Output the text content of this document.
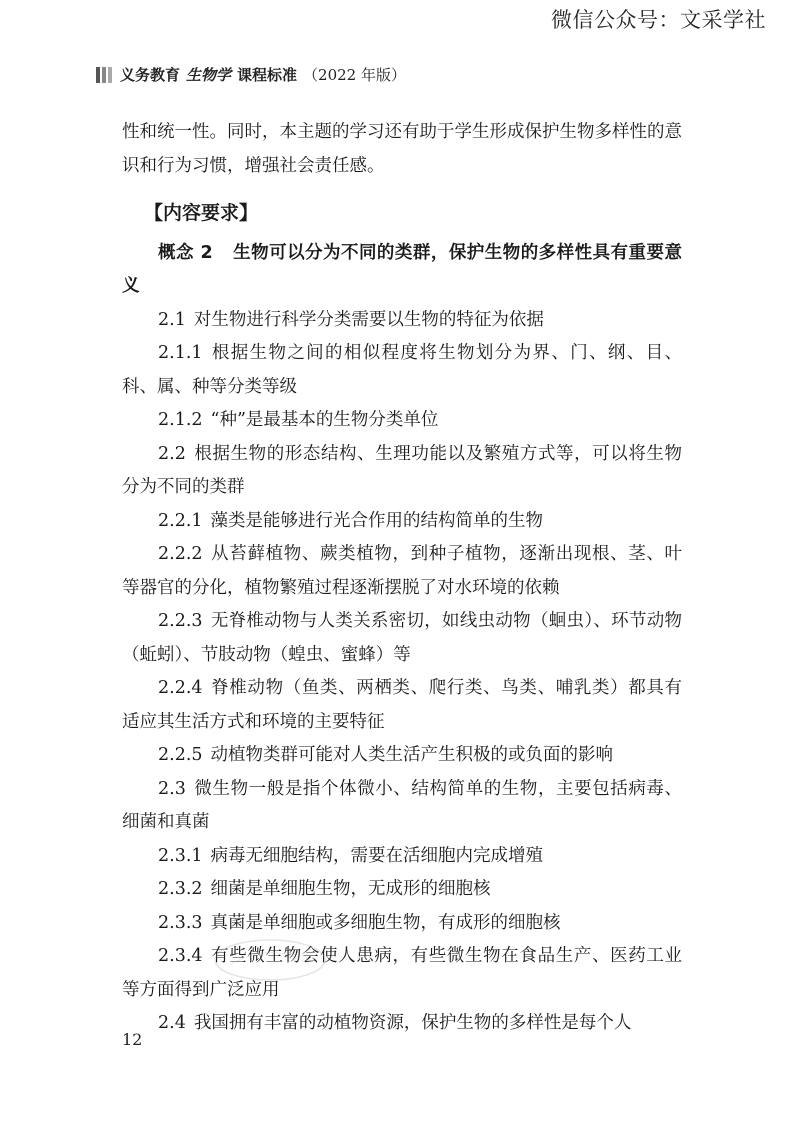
微信公众号：文采学社
义务教育 生物学 课程标准 （2022 年版）

性和统一性。同时，本主题的学习还有助于学生形成保护生物多样性的意识和行为习惯，增强社会责任感。

【内容要求】

概念 2 生物可以分为不同的类群，保护生物的多样性具有重要意义

2.1 对生物进行科学分类需要以生物的特征为依据

2.1.1 根据生物之间的相似程度将生物划分为界、门、纲、目、科、属、种等分类等级

2.1.2 “种”是最基本的生物分类单位

2.2 根据生物的形态结构、生理功能以及繁殖方式等，可以将生物分为不同的类群

2.2.1 藻类是能够进行光合作用的结构简单的生物

2.2.2 从苔藓植物、蕨类植物，到种子植物，逐渐出现根、茎、叶等器官的分化，植物繁殖过程逐渐摆脱了对水环境的依赖

2.2.3 无脊椎动物与人类关系密切，如线虫动物（蛔虫）、环节动物（蚯蚓）、节肢动物（蝗虫、蜜蜂）等

2.2.4 脊椎动物（鱼类、两栖类、爬行类、鸟类、哺乳类）都具有适应其生活方式和环境的主要特征

2.2.5 动植物类群可能对人类生活产生积极的或负面的影响

2.3 微生物一般是指个体微小、结构简单的生物，主要包括病毒、细菌和真菌

2.3.1 病毒无细胞结构，需要在活细胞内完成增殖

2.3.2 细菌是单细胞生物，无成形的细胞核

2.3.3 真菌是单细胞或多细胞生物，有成形的细胞核

2.3.4 有些微生物会使人患病，有些微生物在食品生产、医药工业等方面得到广泛应用

2.4 我国拥有丰富的动植物资源，保护生物的多样性是每个人

12
